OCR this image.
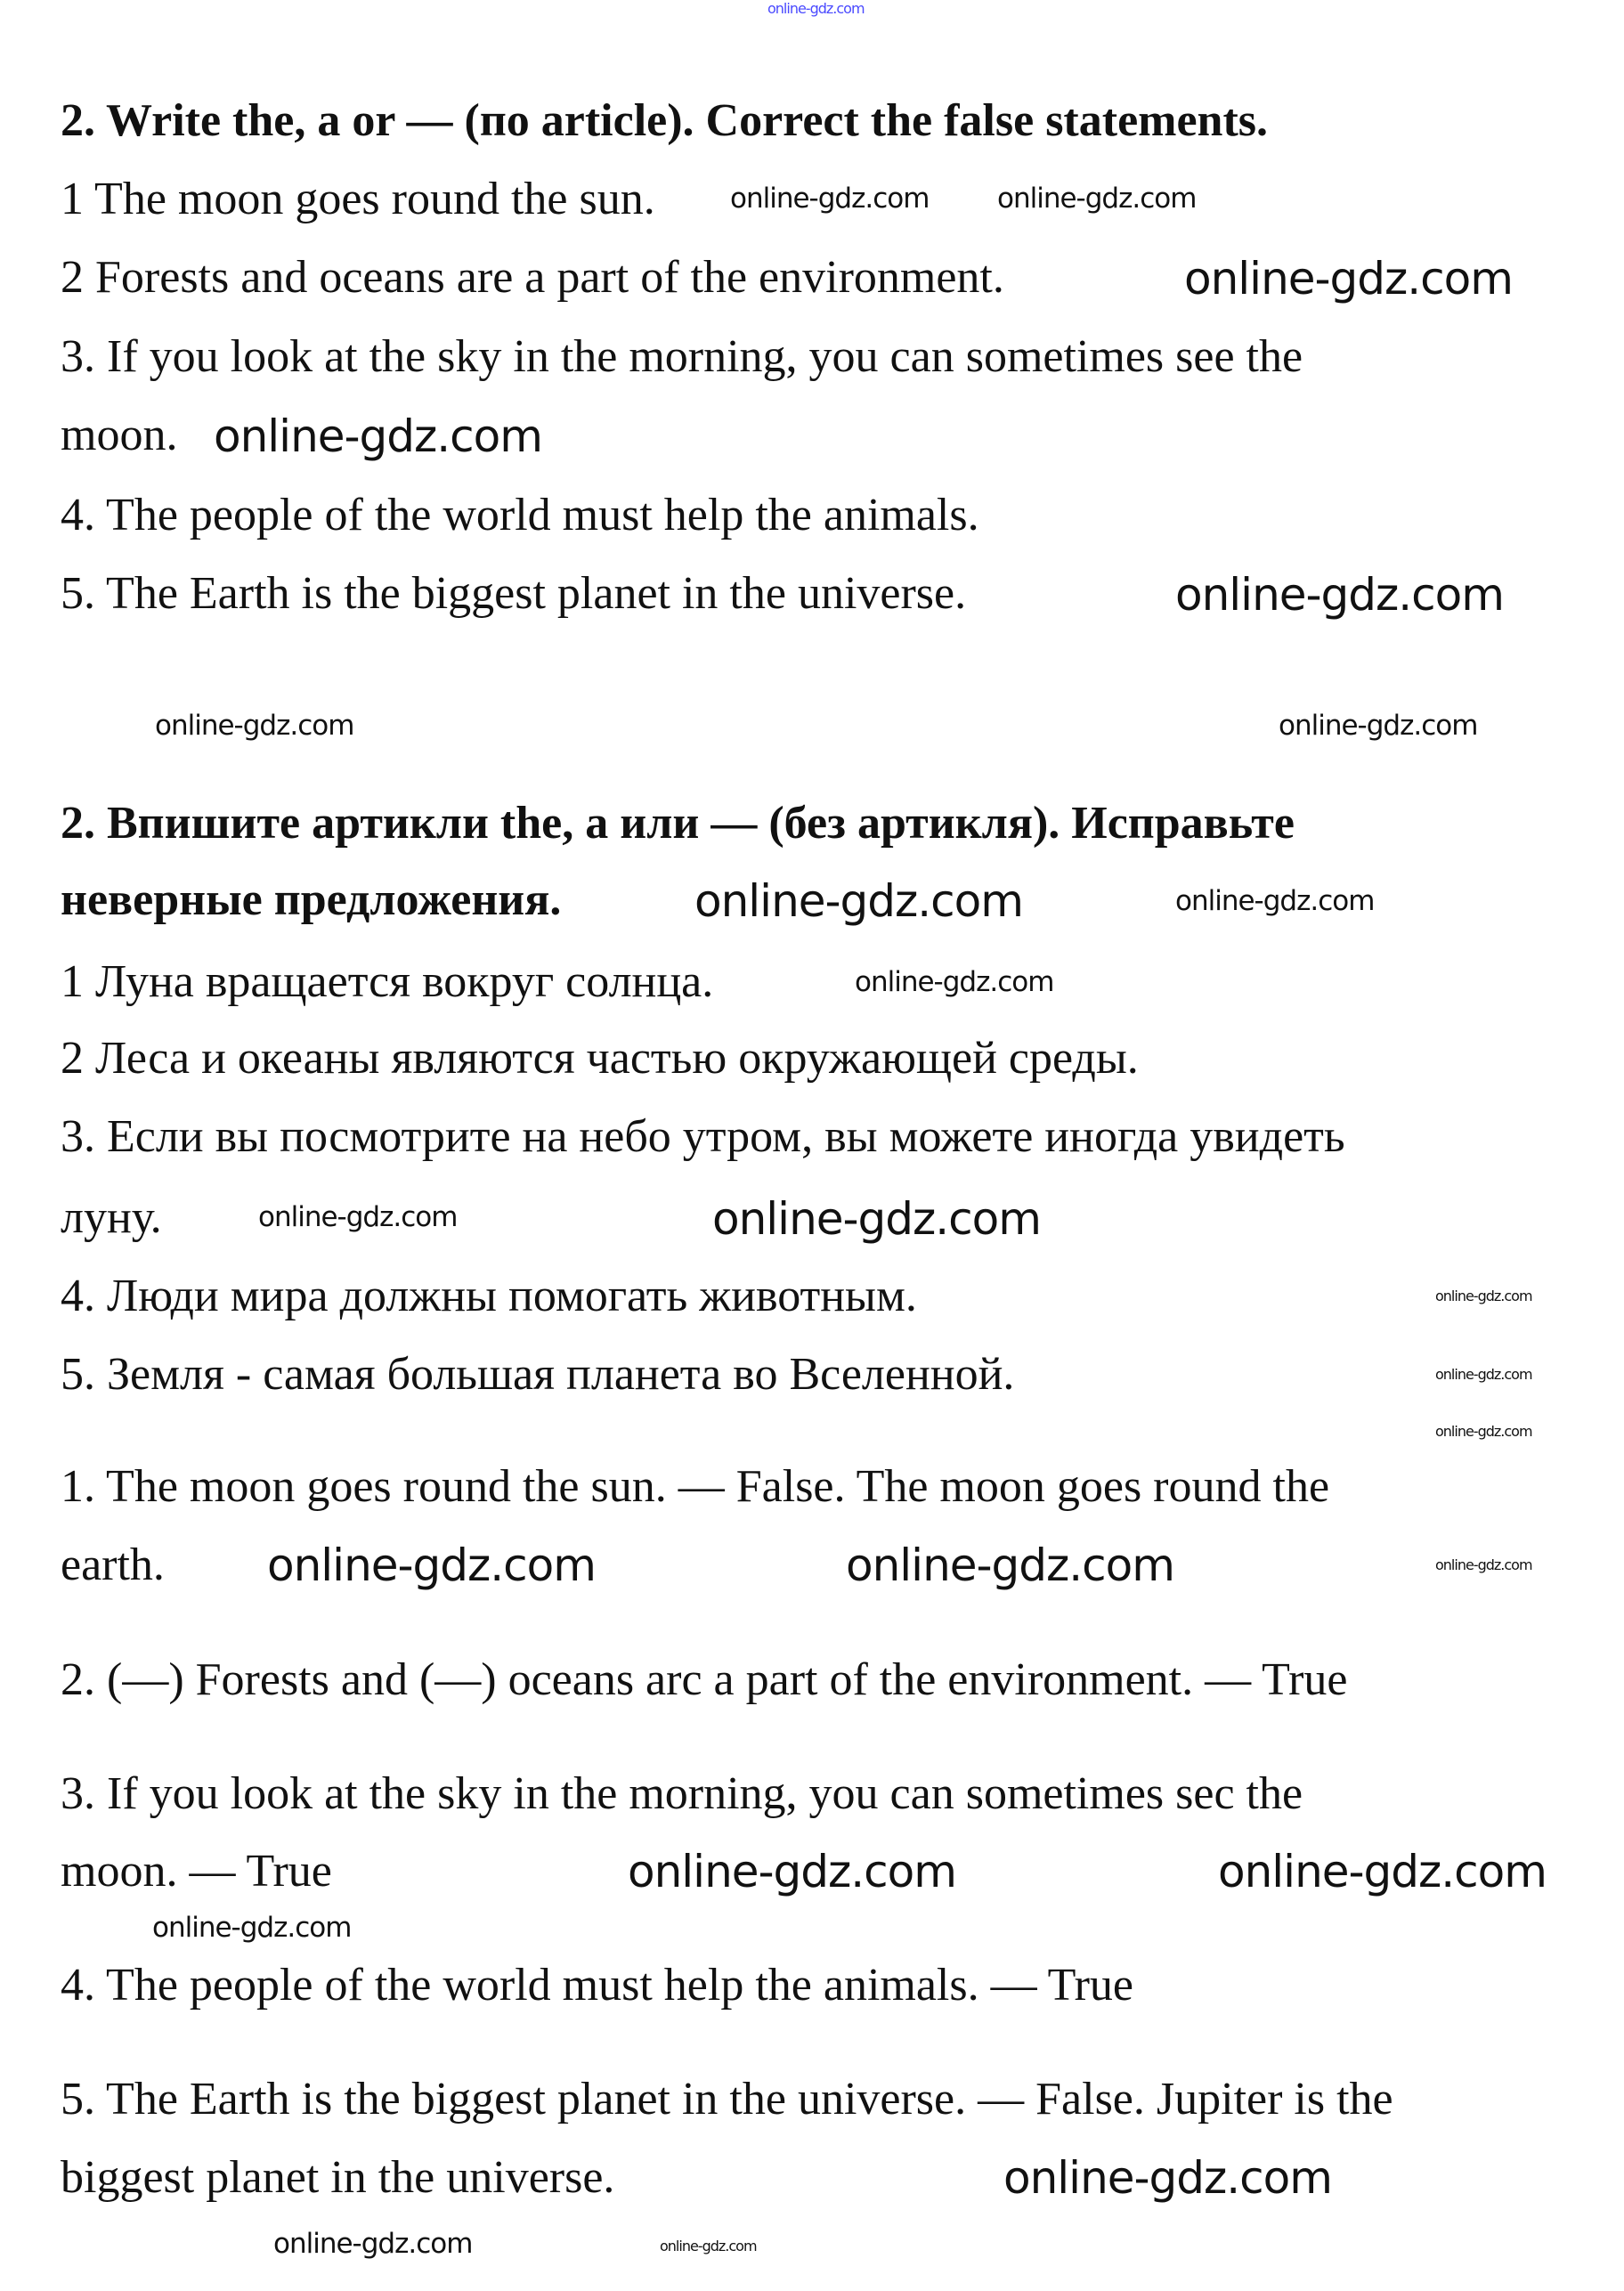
2. Write the, a or — (по article). Correct the false statements.
1 The moon goes round the sun.
2 Forests and oceans are a part of the environment.
3. If you look at the sky in the morning, you can sometimes see the
moon.
4. The people of the world must help the animals.
5. The Earth is the biggest planet in the universe.
2. Впишите артикли the, а или — (без артикля). Исправьте
неверные предложения.
1 Луна вращается вокруг солнца.
2 Леса и океаны являются частью окружающей среды.
3. Если вы посмотрите на небо утром, вы можете иногда увидеть
луну.
4. Люди мира должны помогать животным.
5. Земля - самая большая планета во Вселенной.
1. The moon goes round the sun. — False. The moon goes round the
earth.
2. (—) Forests and (—) oceans arc a part of the environment. — True
3. If you look at the sky in the morning, you can sometimes sec the
moon. — True
4. The people of the world must help the animals. — True
5. The Earth is the biggest planet in the universe. — False. Jupiter is the
biggest planet in the universe.
online-gdz.com
online-gdz.com online-gdz.com
online-gdz.com
online-gdz.com
online-gdz.com
online-gdz.com
online-gdz.com	online-gdz.com
online-gdz.com
online-gdz.com
online-gdz.com
online-gdz.com
online-gdz.com
online-gdz.com
online-gdz.com
online-gdz.com	online-gdz.com	online-gdz.com
online-gdz.com	online-gdz.com
online-gdz.com
online-gdz.com	online-gdz.com
online-gdz.com
